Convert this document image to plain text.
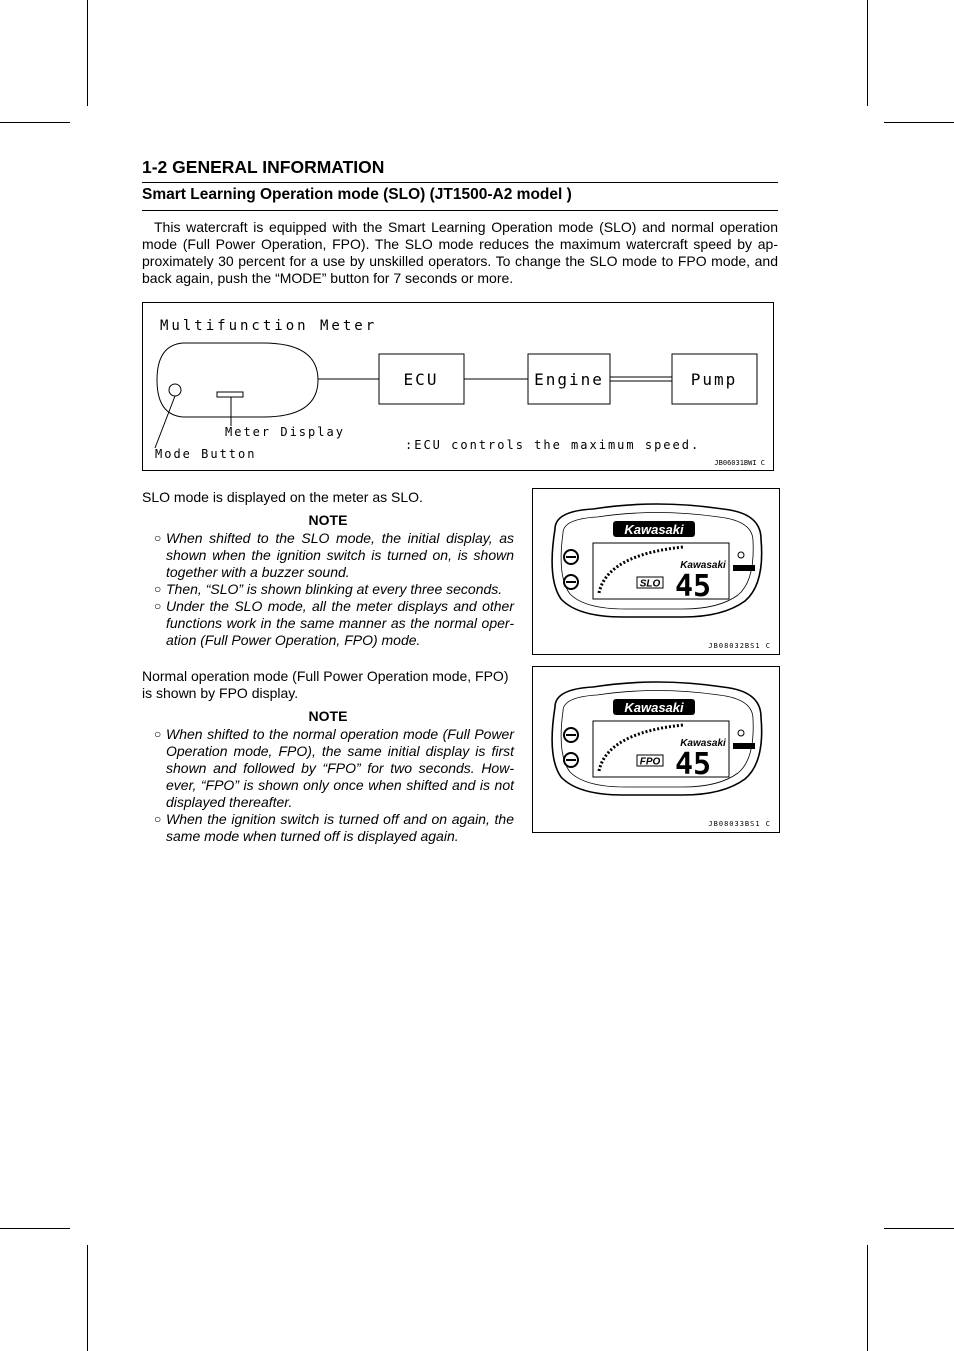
1-2 GENERAL INFORMATION
Smart Learning Operation mode (SLO) (JT1500-A2 model )

This watercraft is equipped with the Smart Learning Operation mode (SLO) and normal operation mode (Full Power Operation, FPO). The SLO mode reduces the maximum watercraft speed by ap-proximately 30 percent for a use by unskilled operators. To change the SLO mode to FPO mode, and back again, push the “MODE” button for 7 seconds or more.

Multifunction Meter
Meter Display
Mode Button
ECU	Engine	Pump
:ECU controls the maximum speed.
JB06031BWI C
SLO mode is displayed on the meter as SLO.
NOTE
○ When shifted to the SLO mode, the initial display, as shown when the ignition switch is turned on, is shown together with a buzzer sound.
○ Then, “SLO” is shown blinking at every three seconds.
○ Under the SLO mode, all the meter displays and other functions work in the same manner as the normal oper-ation (Full Power Operation, FPO) mode.
Normal operation mode (Full Power Operation mode, FPO) is shown by FPO display.
NOTE
○ When shifted to the normal operation mode (Full Power Operation mode, FPO), the same initial display is first shown and followed by “FPO” for two seconds. How-ever, “FPO” is shown only once when shifted and is not displayed thereafter.
○ When the ignition switch is turned off and on again, the same mode when turned off is displayed again.
Kawasaki
Kawasaki
SLO 45
JB08032BS1 C
Kawasaki
Kawasaki
FPO 45
JB08033BS1 C
